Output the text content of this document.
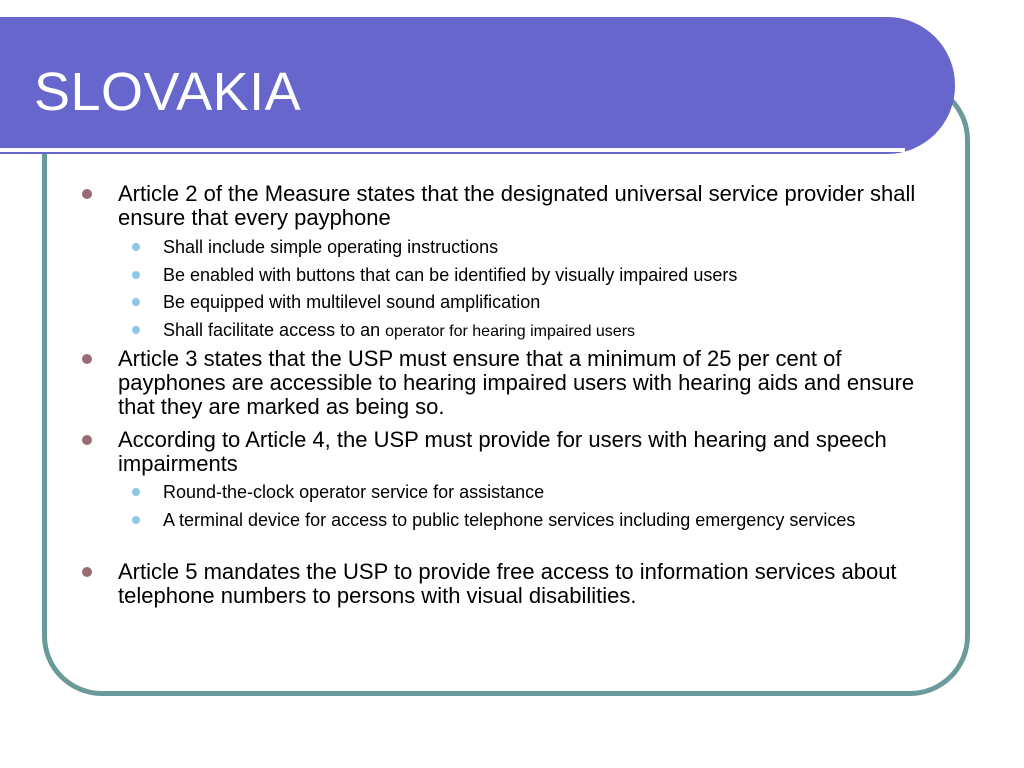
SLOVAKIA
Article 2 of the Measure states that the designated universal service provider shall ensure that every payphone
Shall include simple operating instructions
Be enabled with buttons that can be identified by visually impaired users
Be equipped with multilevel sound amplification
Shall facilitate access to an operator for hearing impaired users
Article 3 states that the USP must ensure that a minimum of 25 per cent of payphones are accessible to hearing impaired users with hearing aids and ensure that they are marked as being so.
According to Article 4, the USP must provide for users with hearing and speech impairments
Round-the-clock operator service for assistance
A terminal device for access to public telephone services including emergency services
Article 5 mandates the USP to provide free access to information services about telephone numbers to persons with visual disabilities.
